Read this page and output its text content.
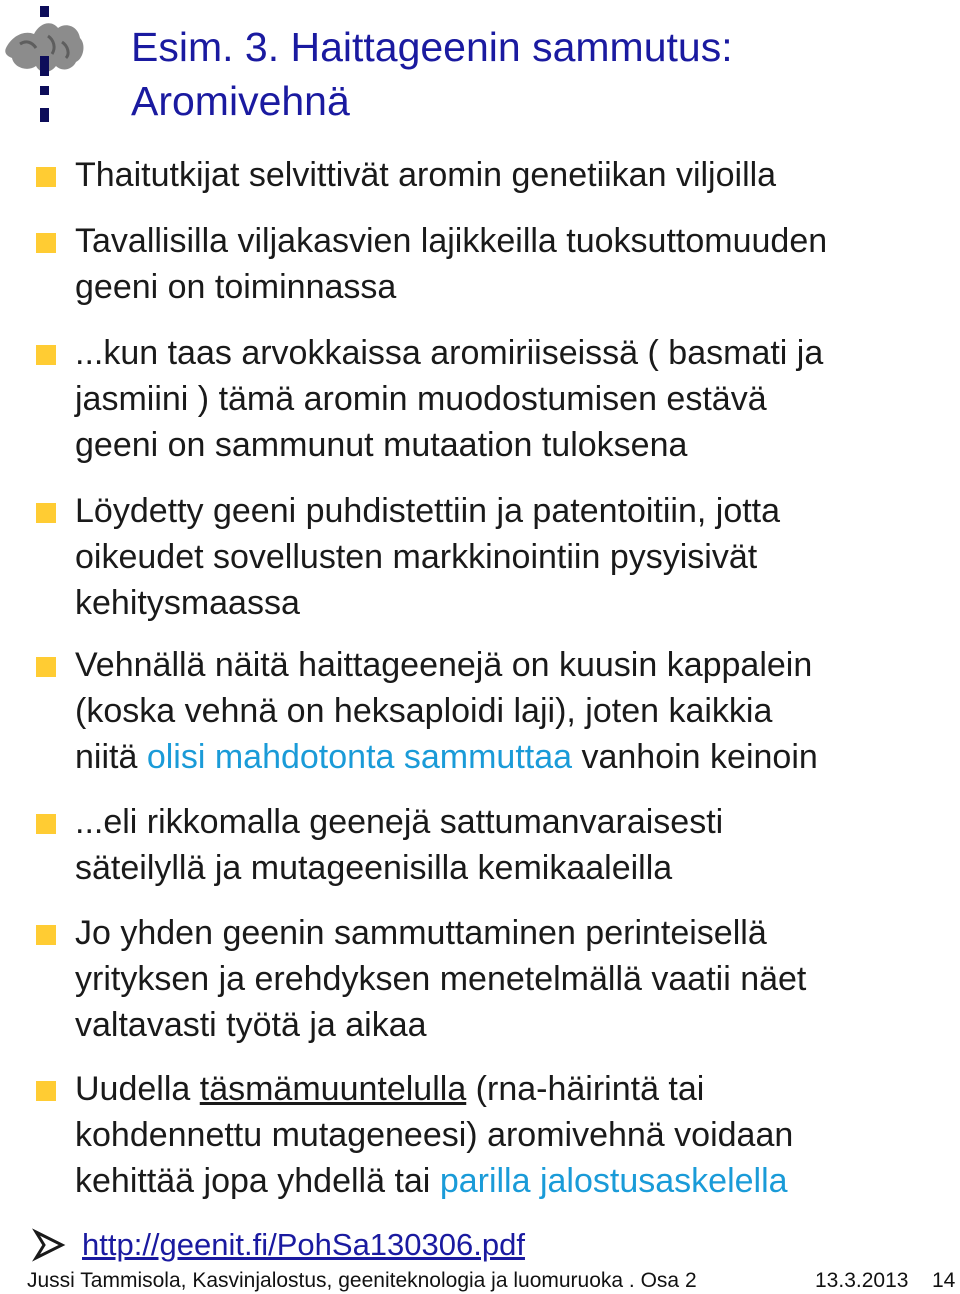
Esim. 3. Haittageenin sammutus:
Aromivehnä
Thaitutkijat selvittivät aromin genetiikan viljoilla
Tavallisilla viljakasvien lajikkeilla tuoksuttomuuden
geeni on toiminnassa
...kun taas arvokkaissa aromiriiseissä ( basmati ja
jasmiini ) tämä aromin muodostumisen estävä
geeni on sammunut mutaation tuloksena
Löydetty geeni puhdistettiin ja patentoitiin, jotta
oikeudet sovellusten markkinointiin pysyisivät
kehitysmaassa
Vehnällä näitä haittageenejä on kuusin kappalein
(koska vehnä on heksaploidi laji), joten kaikkia
niitä olisi mahdotonta sammuttaa vanhoin keinoin
...eli rikkomalla geenejä sattumanvaraisesti
säteilyllä ja mutageenisilla kemikaaleilla
Jo yhden geenin sammuttaminen perinteisellä
yrityksen ja erehdyksen menetelmällä vaatii näet
valtavasti työtä ja aikaa
Uudella täsmämuuntelulla (rna-häirintä tai
kohdennettu mutageneesi) aromivehnä voidaan
kehittää jopa yhdellä tai parilla jalostusaskelella
http://geenit.fi/PohSa130306.pdf
Jussi Tammisola, Kasvinjalostus, geeniteknologia ja luomuruoka . Osa 2	13.3.2013 14
